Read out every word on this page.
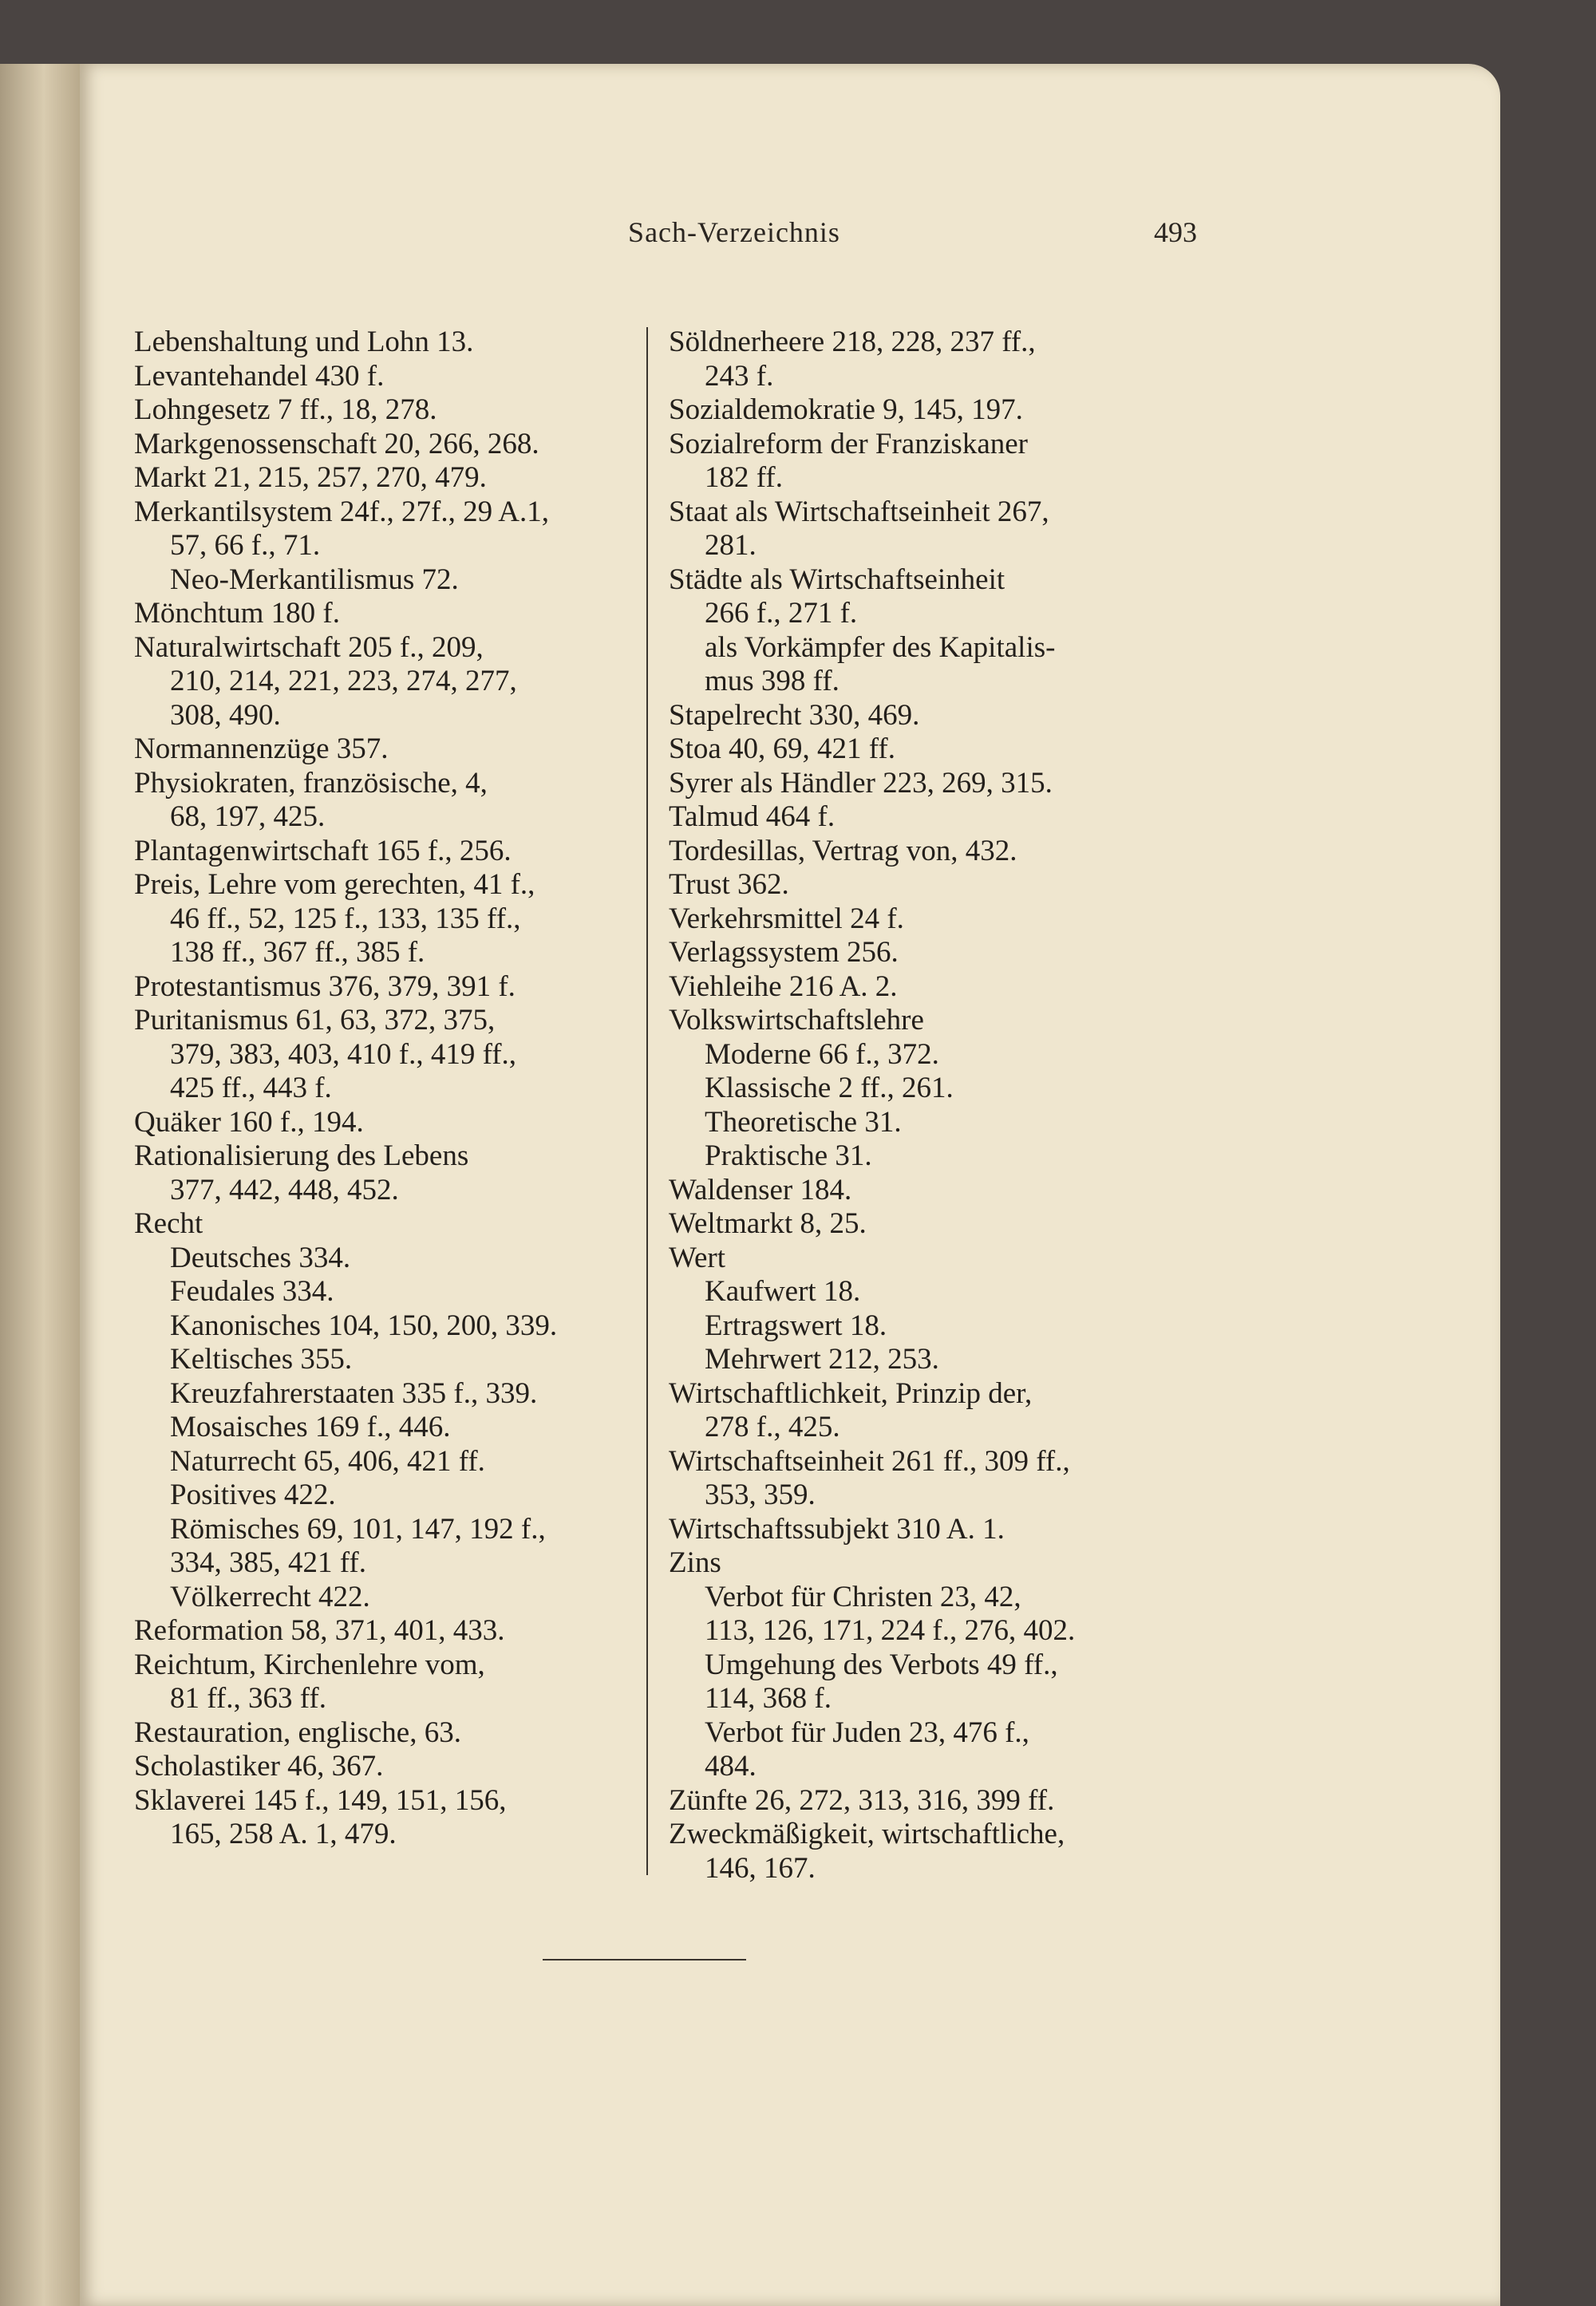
Sach-Verzeichnis	493
Lebenshaltung und Lohn 13.
Levantehandel 430 f.
Lohngesetz 7 ff., 18, 278.
Markgenossenschaft 20, 266, 268.
Markt 21, 215, 257, 270, 479.
Merkantilsystem 24f., 27f., 29 A.1,
57, 66 f., 71.
Neo-Merkantilismus 72.
Mönchtum 180 f.
Naturalwirtschaft 205 f., 209,
210, 214, 221, 223, 274, 277,
308, 490.
Normannenzüge 357.
Physiokraten, französische, 4,
68, 197, 425.
Plantagenwirtschaft 165 f., 256.
Preis, Lehre vom gerechten, 41 f.,
46 ff., 52, 125 f., 133, 135 ff.,
138 ff., 367 ff., 385 f.
Protestantismus 376, 379, 391 f.
Puritanismus 61, 63, 372, 375,
379, 383, 403, 410 f., 419 ff.,
425 ff., 443 f.
Quäker 160 f., 194.
Rationalisierung des Lebens
377, 442, 448, 452.
Recht
Deutsches 334.
Feudales 334.
Kanonisches 104, 150, 200, 339.
Keltisches 355.
Kreuzfahrerstaaten 335 f., 339.
Mosaisches 169 f., 446.
Naturrecht 65, 406, 421 ff.
Positives 422.
Römisches 69, 101, 147, 192 f.,
334, 385, 421 ff.
Völkerrecht 422.
Reformation 58, 371, 401, 433.
Reichtum, Kirchenlehre vom,
81 ff., 363 ff.
Restauration, englische, 63.
Scholastiker 46, 367.
Sklaverei 145 f., 149, 151, 156,
165, 258 A. 1, 479.
Söldnerheere 218, 228, 237 ff.,
243 f.
Sozialdemokratie 9, 145, 197.
Sozialreform der Franziskaner
182 ff.
Staat als Wirtschaftseinheit 267,
281.
Städte als Wirtschaftseinheit
266 f., 271 f.
als Vorkämpfer des Kapitalis-
mus 398 ff.
Stapelrecht 330, 469.
Stoa 40, 69, 421 ff.
Syrer als Händler 223, 269, 315.
Talmud 464 f.
Tordesillas, Vertrag von, 432.
Trust 362.
Verkehrsmittel 24 f.
Verlagssystem 256.
Viehleihe 216 A. 2.
Volkswirtschaftslehre
Moderne 66 f., 372.
Klassische 2 ff., 261.
Theoretische 31.
Praktische 31.
Waldenser 184.
Weltmarkt 8, 25.
Wert
Kaufwert 18.
Ertragswert 18.
Mehrwert 212, 253.
Wirtschaftlichkeit, Prinzip der,
278 f., 425.
Wirtschaftseinheit 261 ff., 309 ff.,
353, 359.
Wirtschaftssubjekt 310 A. 1.
Zins
Verbot für Christen 23, 42,
113, 126, 171, 224 f., 276, 402.
Umgehung des Verbots 49 ff.,
114, 368 f.
Verbot für Juden 23, 476 f.,
484.
Zünfte 26, 272, 313, 316, 399 ff.
Zweckmäßigkeit, wirtschaftliche,
146, 167.
